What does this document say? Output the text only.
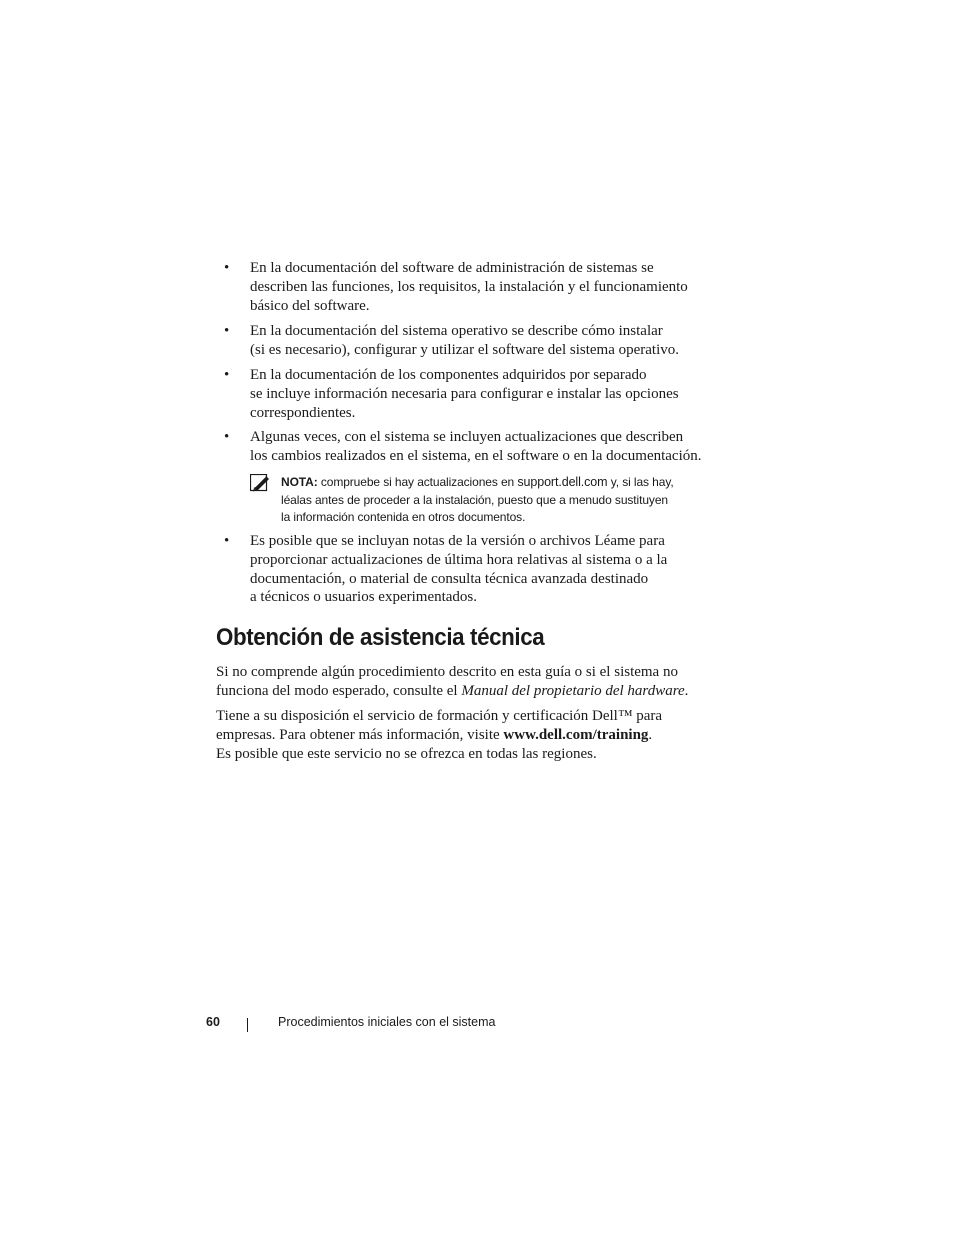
•	En la documentación del software de administración de sistemas se
describen las funciones, los requisitos, la instalación y el funcionamiento
básico del software.
•	En la documentación del sistema operativo se describe cómo instalar
(si es necesario), configurar y utilizar el software del sistema operativo.
•	En la documentación de los componentes adquiridos por separado
se incluye información necesaria para configurar e instalar las opciones
correspondientes.
•	Algunas veces, con el sistema se incluyen actualizaciones que describen
los cambios realizados en el sistema, en el software o en la documentación.
NOTA: compruebe si hay actualizaciones en support.dell.com y, si las hay,
léalas antes de proceder a la instalación, puesto que a menudo sustituyen
la información contenida en otros documentos.
•	Es posible que se incluyan notas de la versión o archivos Léame para
proporcionar actualizaciones de última hora relativas al sistema o a la
documentación, o material de consulta técnica avanzada destinado
a técnicos o usuarios experimentados.
Obtención de asistencia técnica
Si no comprende algún procedimiento descrito en esta guía o si el sistema no
funciona del modo esperado, consulte el Manual del propietario del hardware.
Tiene a su disposición el servicio de formación y certificación Dell™ para
empresas. Para obtener más información, visite www.dell.com/training.
Es posible que este servicio no se ofrezca en todas las regiones.
60	Procedimientos iniciales con el sistema
